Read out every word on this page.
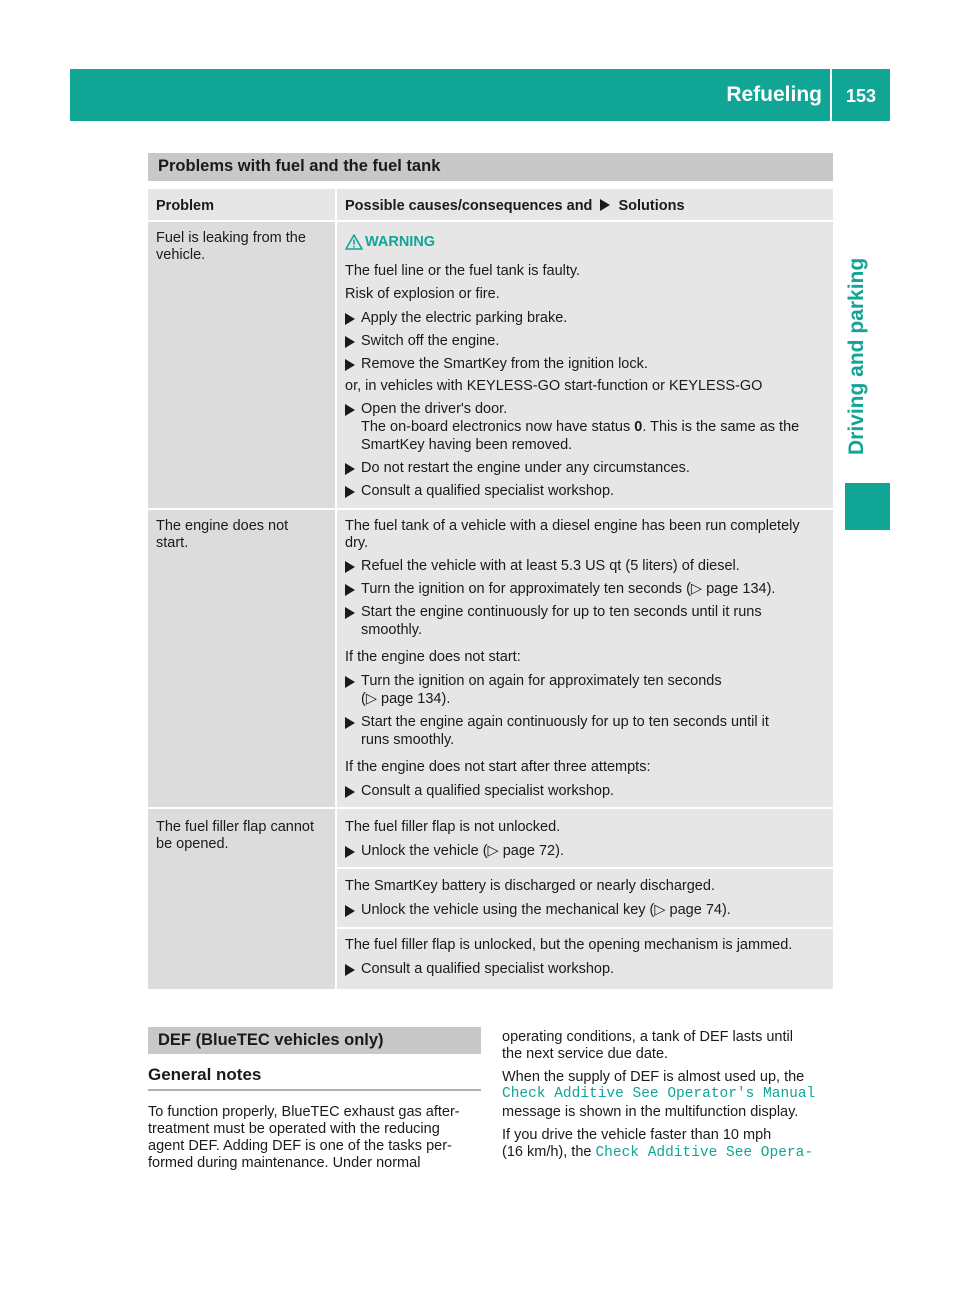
Refueling 153
Driving and parking
Problems with fuel and the fuel tank
Problem	Possible causes/consequences and Solutions
Fuel is leaking from the
vehicle.
WARNING
The fuel line or the fuel tank is faulty.
Risk of explosion or fire.
Apply the electric parking brake.
Switch off the engine.
Remove the SmartKey from the ignition lock.
or, in vehicles with KEYLESS-GO start-function or KEYLESS-GO
Open the driver's door.
The on-board electronics now have status 0. This is the same as the
SmartKey having been removed.
Do not restart the engine under any circumstances.
Consult a qualified specialist workshop.
The engine does not
start.
The fuel tank of a vehicle with a diesel engine has been run completely
dry.
Refuel the vehicle with at least 5.3 US qt (5 liters) of diesel.
Turn the ignition on for approximately ten seconds (▷ page 134).
Start the engine continuously for up to ten seconds until it runs
smoothly.
If the engine does not start:
Turn the ignition on again for approximately ten seconds
(▷ page 134).
Start the engine again continuously for up to ten seconds until it
runs smoothly.
If the engine does not start after three attempts:
Consult a qualified specialist workshop.
The fuel filler flap cannot
be opened.
The fuel filler flap is not unlocked.
Unlock the vehicle (▷ page 72).
The SmartKey battery is discharged or nearly discharged.
Unlock the vehicle using the mechanical key (▷ page 74).
The fuel filler flap is unlocked, but the opening mechanism is jammed.
Consult a qualified specialist workshop.
DEF (BlueTEC vehicles only)
General notes
To function properly, BlueTEC exhaust gas after-
treatment must be operated with the reducing
agent DEF. Adding DEF is one of the tasks per-
formed during maintenance. Under normal
operating conditions, a tank of DEF lasts until
the next service due date.
When the supply of DEF is almost used up, the
Check Additive See Operator's Manual
message is shown in the multifunction display.
If you drive the vehicle faster than 10 mph
(16 km/h), the Check Additive See Opera‐
